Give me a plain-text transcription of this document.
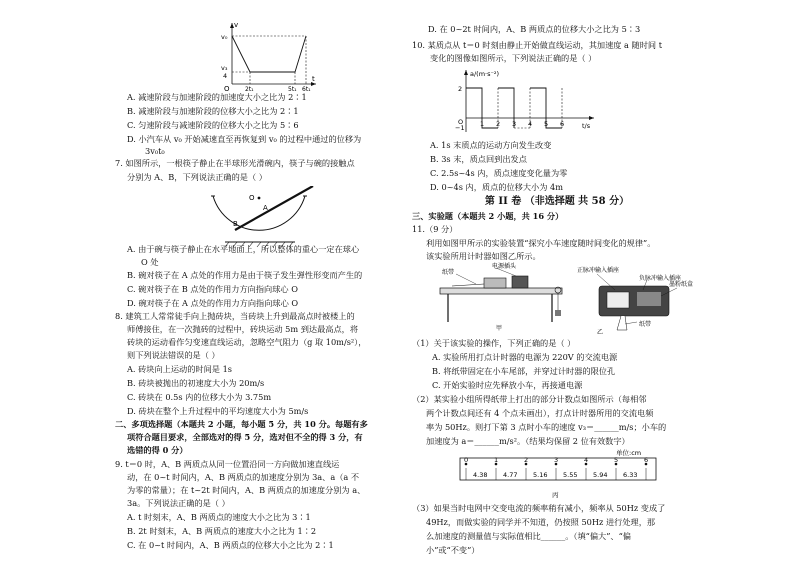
v
t
v₀
v₃
4
O	2t₁	5t₁ 6t₁
A. 减速阶段与加速阶段的加速度大小之比为 2∶1
B. 减速阶段与加速阶段的位移大小之比为 2∶1
C. 匀速阶段与减速阶段的位移大小之比为 5∶6
D. 小汽车从 v₀ 开始减速直至再恢复到 v₀ 的过程中通过的位移为
3v₀t₀
7. 如图所示，一根筷子静止在半球形光滑碗内，筷子与碗的接触点
分别为 A、B，下列说法正确的是（ ）
O
A
B
A. 由于碗与筷子静止在水平地面上，所以整体的重心一定在球心
O 处
B. 碗对筷子在 A 点处的作用力是由于筷子发生弹性形变而产生的
C. 碗对筷子在 B 点处的作用力方向指向球心 O
D. 碗对筷子在 A 点处的作用力方向指向球心 O
8. 建筑工人常常徒手向上抛砖块，当砖块上升到最高点时被楼上的
师傅接住，在一次抛砖的过程中，砖块运动 5m 到达最高点，将
砖块的运动看作匀变速直线运动，忽略空气阻力（g 取 10m/s²），
则下列说法错误的是（ ）
A. 砖块向上运动的时间是 1s
B. 砖块被抛出的初速度大小为 20m/s
C. 砖块在 0.5s 内的位移大小为 3.75m
D. 砖块在整个上升过程中的平均速度大小为 5m/s
二、多项选择题（本题共 2 小题，每小题 5 分，共 10 分。每题有多
项符合题目要求，全部选对的得 5 分，选对但不全的得 3 分，有
选错的得 0 分）
9. t＝0 时，A、B 两质点从同一位置沿同一方向做加速直线运
动，在 0~t 时间内，A、B 两质点的加速度分别为 3a、a（a 不
为零的常量）；在 t~2t 时间内，A、B 两质点的加速度分别为 a、
3a。下列说法正确的是（ ）
A. t 时刻末，A、B 两质点的速度大小之比为 3∶1
B. 2t 时刻末，A、B 两质点的速度大小之比为 1∶2
C. 在 0~t 时间内，A、B 两质点的位移大小之比为 2∶1
D. 在 0~2t 时间内，A、B 两质点的位移大小之比为 5∶3
10. 某质点从 t＝0 时刻由静止开始做直线运动，其加速度 a 随时间 t
变化的图像如图所示，下列说法正确的是（ ）
a/(m·s⁻²)
t/s
2
−1
O	1 2 3 4 5 6
A. 1s 末质点的运动方向发生改变
B. 3s 末，质点回到出发点
C. 2.5s~4s 内，质点速度变化量为零
D. 0~4s 内，质点的位移大小为 4m
第 II 卷 （非选择题 共 58 分）
三、实验题（本题共 2 小题，共 16 分）
11.（9 分）
利用如图甲所示的实验装置“探究小车速度随时间变化的规律”。
该实验所用计时器如图乙所示。
电源插头
纸带
甲
正脉冲输入插座
负脉冲输入插座
墨粉纸盒
纸带
乙
（1）关于该实验的操作，下列正确的是（ ）
A. 实验所用打点计时器的电源为 220V 的交流电源
B. 将纸带固定在小车尾部，并穿过计时器的限位孔
C. 开始实验时应先释放小车，再接通电源
（2）某实验小组所得纸带上打出的部分计数点如图所示（每相邻
两个计数点间还有 4 个点未画出），打点计时器所用的交流电频
率为 50Hz。则打下第 3 点时小车的速度 v₃＝______m/s；小车的
加速度为 a＝______m/s²。（结果均保留 2 位有效数字）
0	1	2	3	4	5	6
4.38 4.77 5.16 5.55 5.94 6.33
单位:cm
丙
（3）如果当时电网中交变电流的频率稍有减小，频率从 50Hz 变成了
49Hz，而做实验的同学并不知道，仍按照 50Hz 进行处理，那
么加速度的测量值与实际值相比______。（填“偏大”、“偏
小”或“不变”）
